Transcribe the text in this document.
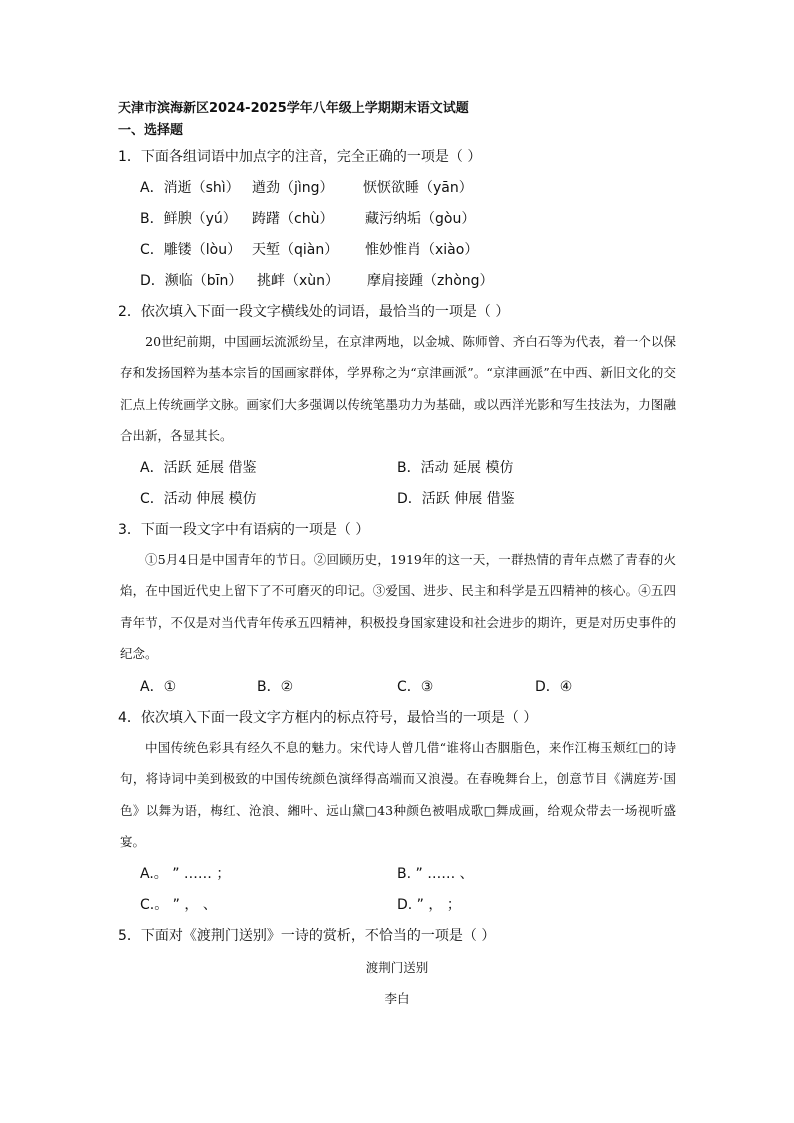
天津市滨海新区2024-2025学年八年级上学期期末语文试题
一、选择题
1．下面各组词语中加点字的注音，完全正确的一项是（ ）
A．消逝（shì） 遒劲（jìng） 恹恹欲睡（yān）
B．鲜腴（yú） 踌躇（chù） 藏污纳垢（gòu）
C．雕镂（lòu） 天堑（qiàn） 惟妙惟肖（xiào）
D．濒临（bīn） 挑衅（xùn） 摩肩接踵（zhòng）
2．依次填入下面一段文字横线处的词语，最恰当的一项是（ ）
　　20世纪前期，中国画坛流派纷呈，在京津两地，以金城、陈师曾、齐白石等为代表，着一个以保存和发扬国粹为基本宗旨的国画家群体，学界称之为“京津画派”。“京津画派”在中西、新旧文化的交汇点上传统画学文脉。画家们大多强调以传统笔墨功力为基础，或以西洋光影和写生技法为，力图融合出新，各显其长。
A．活跃 延展 借鉴	B．活动 延展 模仿
C．活动 伸展 模仿	D．活跃 伸展 借鉴
3．下面一段文字中有语病的一项是（ ）
①5月4日是中国青年的节日。②回顾历史，1919年的这一天，一群热情的青年点燃了青春的火焰，在中国近代史上留下了不可磨灭的印记。③爱国、进步、民主和科学是五四精神的核心。④五四青年节，不仅是对当代青年传承五四精神，积极投身国家建设和社会进步的期许，更是对历史事件的纪念。
A．①	B．②	C．③	D．④
4．依次填入下面一段文字方框内的标点符号，最恰当的一项是（ ）
中国传统色彩具有经久不息的魅力。宋代诗人曾几借“谁将山杏胭脂色，来作江梅玉颊红□的诗句，将诗词中美到极致的中国传统颜色演绎得高端而又浪漫。在春晚舞台上，创意节目《满庭芳·国色》以舞为语，梅红、沧浪、緗叶、远山黛□43种颜色被唱成歌□舞成画，给观众带去一场视听盛宴。
A.。 ” …… ；	B. ” …… 、
C.。 ” ， 、	D. ” ， ；
5．下面对《渡荆门送别》一诗的赏析，不恰当的一项是（ ）
渡荆门送别
李白
